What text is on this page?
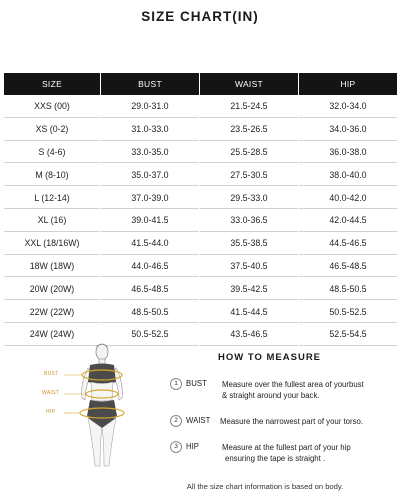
SIZE CHART(IN)
SIZE	BUST	WAIST	HIP
XXS (00)	29.0-31.0	21.5-24.5	32.0-34.0
XS (0-2)	31.0-33.0	23.5-26.5	34.0-36.0
S (4-6)	33.0-35.0	25.5-28.5	36.0-38.0
M (8-10)	35.0-37.0	27.5-30.5	38.0-40.0
L (12-14)	37.0-39.0	29.5-33.0	40.0-42.0
XL (16)	39.0-41.5	33.0-36.5	42.0-44.5
XXL (18/16W)	41.5-44.0	35.5-38.5	44.5-46.5
18W (18W)	44.0-46.5	37.5-40.5	46.5-48.5
20W (20W)	46.5-48.5	39.5-42.5	48.5-50.5
22W (22W)	48.5-50.5	41.5-44.5	50.5-52.5
24W (24W)	50.5-52.5	43.5-46.5	52.5-54.5
BUST
WAIST
HIP
HOW TO MEASURE
1	BUST Measure over the fullest area of yourbust
& straight around your back.
2	WAIST Measure the narrowest part of your torso.
3	HIP	Measure at the fullest part of your hip
ensuring the tape is straight .
All the size chart information is based on body.
